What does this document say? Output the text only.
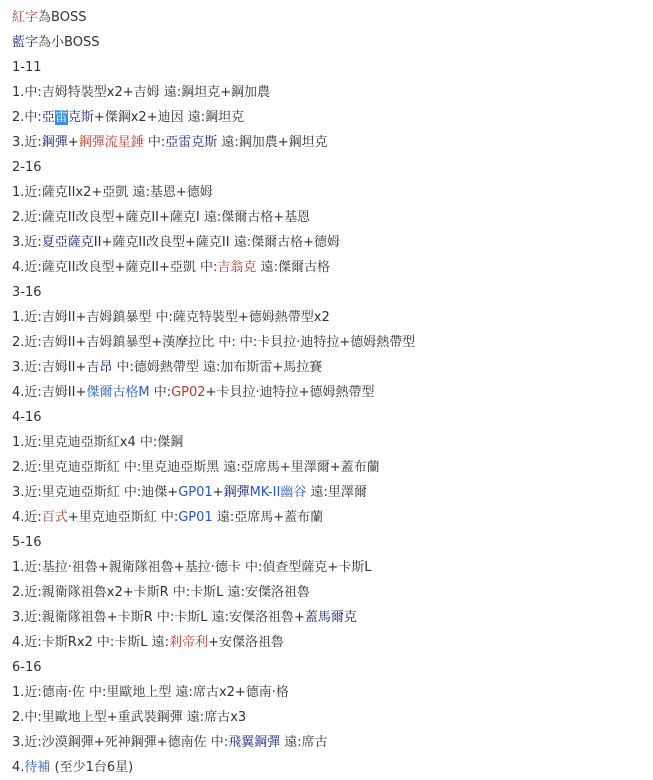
紅字為BOSS
藍字為小BOSS
1-11
1.中:吉姆特裝型x2+吉姆 遠:鋼坦克+鋼加農
2.中:亞雷克斯+傑鋼x2+迪因 遠:鋼坦克
3.近:鋼彈+鋼彈流星錘 中:亞雷克斯 遠:鋼加農+鋼坦克
2-16
1.近:薩克IIx2+亞凱 遠:基恩+德姆
2.近:薩克II改良型+薩克II+薩克I 遠:傑爾古格+基恩
3.近:夏亞薩克II+薩克II改良型+薩克II 遠:傑爾古格+德姆
4.近:薩克II改良型+薩克II+亞凱 中:吉翁克 遠:傑爾古格
3-16
1.近:吉姆II+吉姆鎮暴型 中:薩克特裝型+德姆熱帶型x2
2.近:吉姆II+吉姆鎮暴型+漢摩拉比 中: 中:卡貝拉·迪特拉+德姆熱帶型
3.近:吉姆II+吉昂 中:德姆熱帶型 遠:加布斯雷+馬拉賽
4.近:吉姆II+傑爾古格M 中:GP02+卡貝拉·迪特拉+德姆熱帶型
4-16
1.近:里克迪亞斯紅x4 中:傑鋼
2.近:里克迪亞斯紅 中:里克迪亞斯黑 遠:亞席馬+里澤爾+蓋布蘭
3.近:里克迪亞斯紅 中:迪傑+GP01+鋼彈MK-II幽谷 遠:里澤爾
4.近:百式+里克迪亞斯紅 中:GP01 遠:亞席馬+蓋布蘭
5-16
1.近:基拉·祖魯+親衛隊祖魯+基拉·德卡 中:偵查型薩克+卡斯L
2.近:親衛隊祖魯x2+卡斯R 中:卡斯L 遠:安傑洛祖魯
3.近:親衛隊祖魯+卡斯R 中:卡斯L 遠:安傑洛祖魯+蓋馬爾克
4.近:卡斯Rx2 中:卡斯L 遠:剎帝利+安傑洛祖魯
6-16
1.近:德南·佐 中:里歐地上型 遠:席古x2+德南·格
2.中:里歐地上型+重武裝鋼彈 遠:席古x3
3.近:沙漠鋼彈+死神鋼彈+德南佐 中:飛翼鋼彈 遠:席古
4.待補 (至少1台6星)
